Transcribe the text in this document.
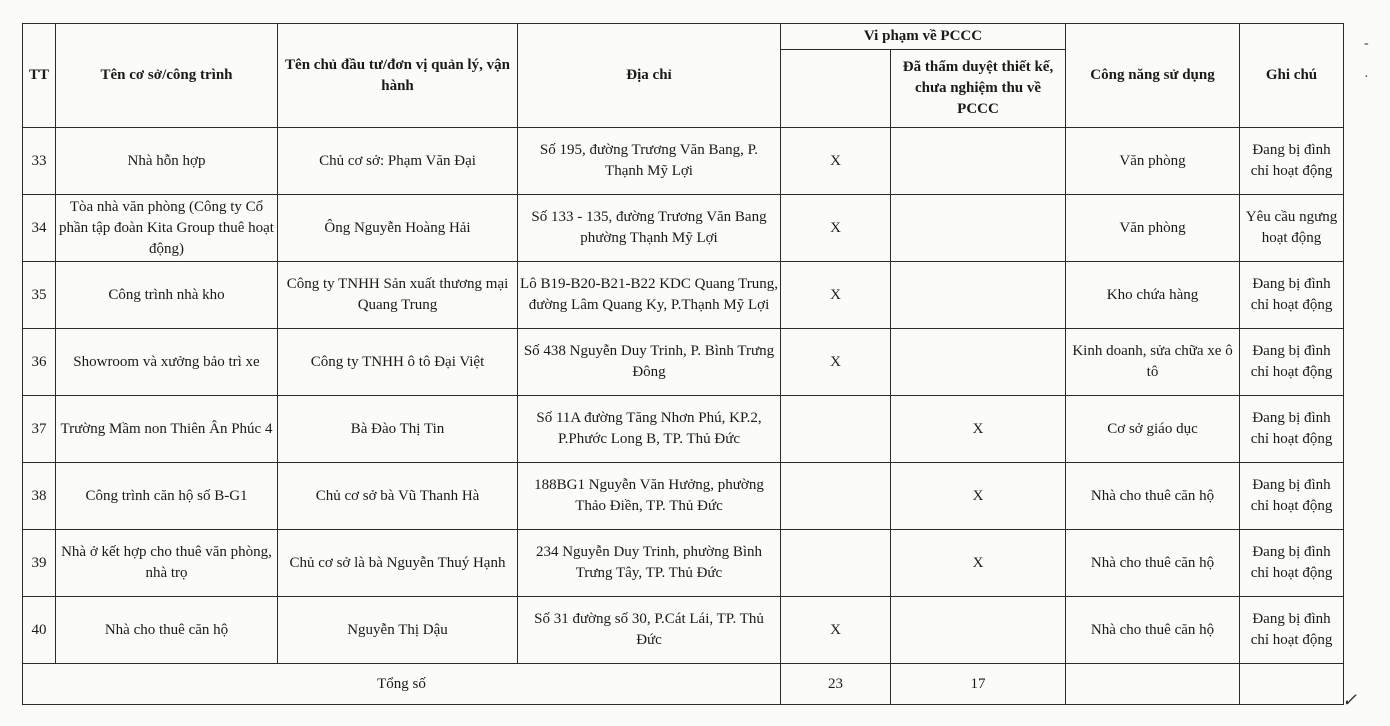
TT	Tên cơ sở/công trình	Tên chủ đầu tư/đơn vị quản lý, vận hành	Địa chỉ	Vi phạm về PCCC		Công năng sử dụng	Ghi chú
					Đã thẩm duyệt thiết kế, chưa nghiệm thu về PCCC		
33	Nhà hỗn hợp	Chủ cơ sở: Phạm Văn Đại	Số 195, đường Trương Văn Bang, P. Thạnh Mỹ Lợi	X		Văn phòng	Đang bị đình chỉ hoạt động
34	Tòa nhà văn phòng (Công ty Cổ phần tập đoàn Kita Group thuê hoạt động)	Ông Nguyễn Hoàng Hải	Số 133 - 135, đường Trương Văn Bang phường Thạnh Mỹ Lợi	X		Văn phòng	Yêu cầu ngưng hoạt động
35	Công trình nhà kho	Công ty TNHH Sản xuất thương mại Quang Trung	Lô B19-B20-B21-B22 KDC Quang Trung, đường Lâm Quang Ky, P.Thạnh Mỹ Lợi	X		Kho chứa hàng	Đang bị đình chỉ hoạt động
36	Showroom và xưởng bảo trì xe	Công ty TNHH ô tô Đại Việt	Số 438 Nguyễn Duy Trinh, P. Bình Trưng Đông	X		Kinh doanh, sửa chữa xe ô tô	Đang bị đình chỉ hoạt động
37	Trường Mầm non Thiên Ân Phúc 4	Bà Đào Thị Tin	Số 11A đường Tăng Nhơn Phú, KP.2, P.Phước Long B, TP. Thủ Đức		X	Cơ sở giáo dục	Đang bị đình chỉ hoạt động
38	Công trình căn hộ số B-G1	Chủ cơ sở bà Vũ Thanh Hà	188BG1 Nguyễn Văn Hưởng, phường Thảo Điền, TP. Thủ Đức		X	Nhà cho thuê căn hộ	Đang bị đình chỉ hoạt động
39	Nhà ở kết hợp cho thuê văn phòng, nhà trọ	Chủ cơ sở là bà Nguyễn Thuý Hạnh	234 Nguyễn Duy Trinh, phường Bình Trưng Tây, TP. Thủ Đức		X	Nhà cho thuê căn hộ	Đang bị đình chỉ hoạt động
40	Nhà cho thuê căn hộ	Nguyễn Thị Dậu	Số 31 đường số 30, P.Cát Lái, TP. Thủ Đức	X		Nhà cho thuê căn hộ	Đang bị đình chỉ hoạt động
Tổng số				23	17		
-
·
✓
